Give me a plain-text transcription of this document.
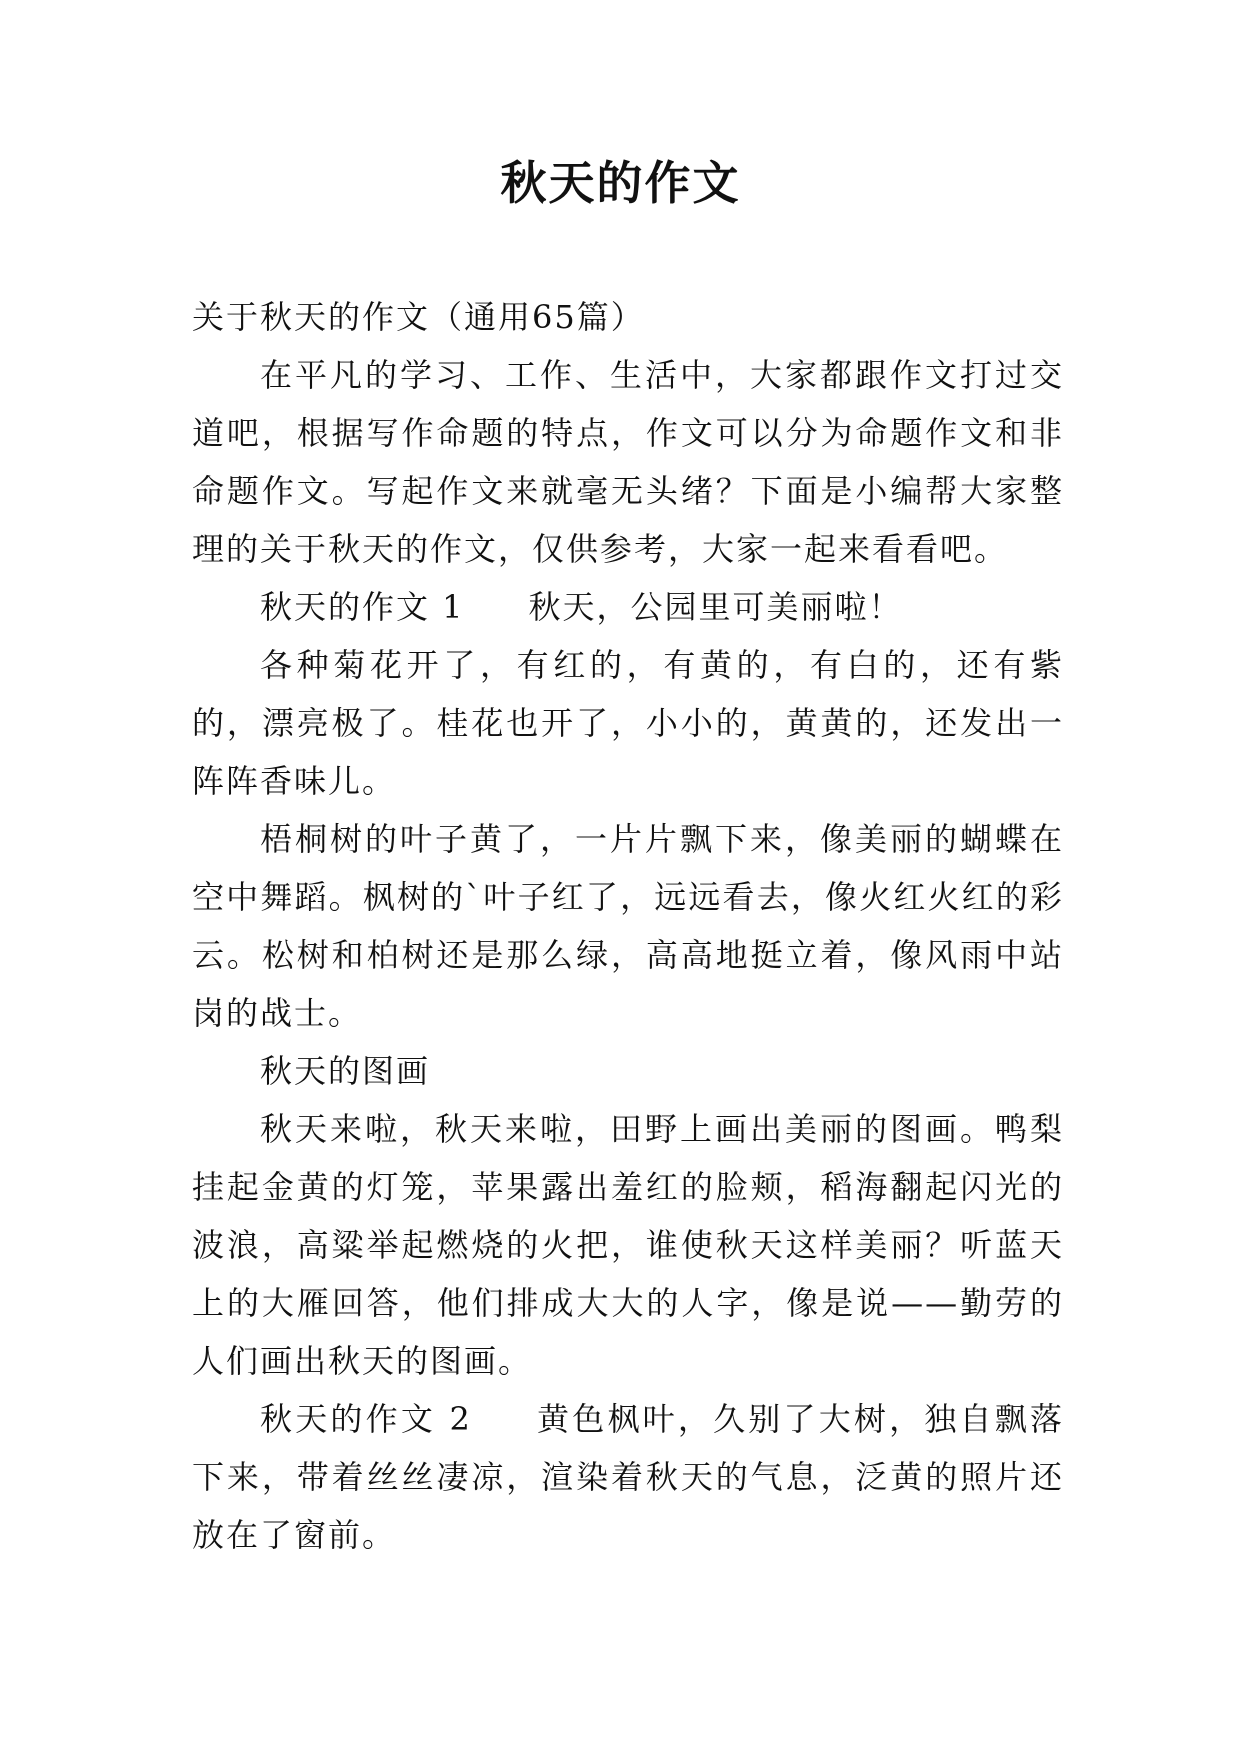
秋天的作文

关于秋天的作文（通用65篇）

在平凡的学习、工作、生活中，大家都跟作文打过交道吧，根据写作命题的特点，作文可以分为命题作文和非命题作文。写起作文来就毫无头绪？下面是小编帮大家整理的关于秋天的作文，仅供参考，大家一起来看看吧。

秋天的作文 1 秋天，公园里可美丽啦！

各种菊花开了，有红的，有黄的，有白的，还有紫的，漂亮极了。桂花也开了，小小的，黄黄的，还发出一阵阵香味儿。

梧桐树的叶子黄了，一片片飘下来，像美丽的蝴蝶在空中舞蹈。枫树的`叶子红了，远远看去，像火红火红的彩云。松树和柏树还是那么绿，高高地挺立着，像风雨中站岗的战士。

秋天的图画

秋天来啦，秋天来啦，田野上画出美丽的图画。鸭梨挂起金黄的灯笼，苹果露出羞红的脸颊，稻海翻起闪光的波浪，高粱举起燃烧的火把，谁使秋天这样美丽？听蓝天上的大雁回答，他们排成大大的人字，像是说——勤劳的人们画出秋天的图画。

秋天的作文 2 黄色枫叶，久别了大树，独自飘落下来，带着丝丝凄凉，渲染着秋天的气息，泛黄的照片还放在了窗前。
